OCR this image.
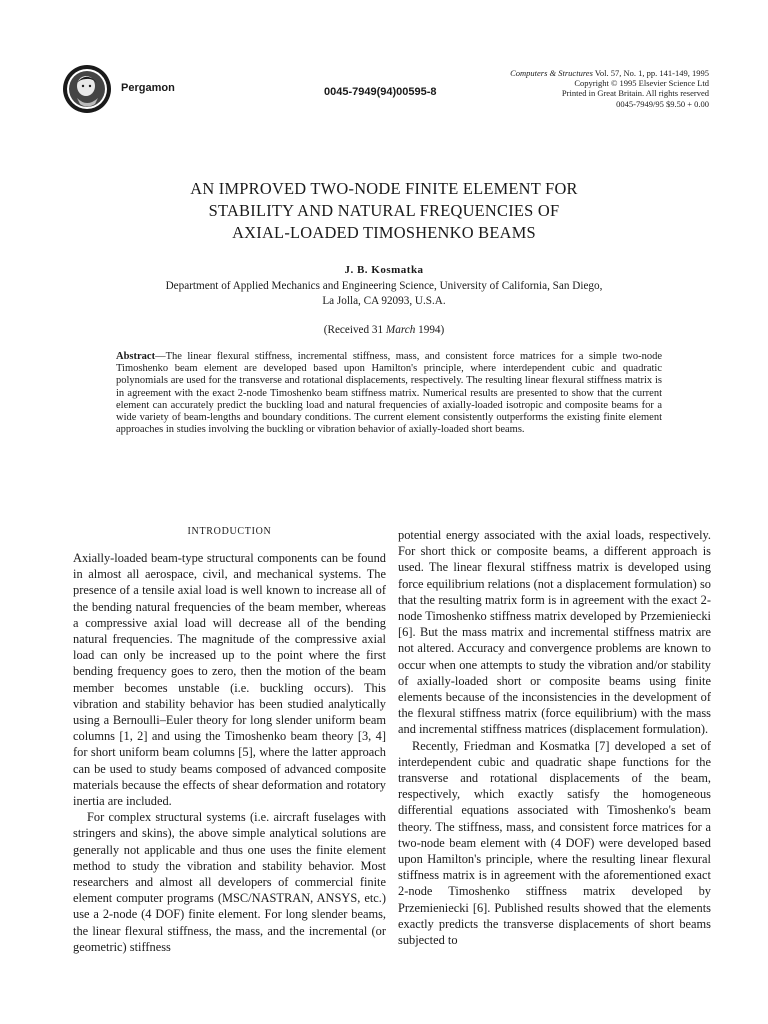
Pergamon	0045-7949(94)00595-8
Computers & Structures Vol. 57, No. 1, pp. 141-149, 1995
Copyright © 1995 Elsevier Science Ltd
Printed in Great Britain. All rights reserved
0045-7949/95 $9.50 + 0.00
AN IMPROVED TWO-NODE FINITE ELEMENT FOR
STABILITY AND NATURAL FREQUENCIES OF
AXIAL-LOADED TIMOSHENKO BEAMS
J. B. Kosmatka
Department of Applied Mechanics and Engineering Science, University of California, San Diego,
La Jolla, CA 92093, U.S.A.
(Received 31 March 1994)

Abstract—The linear flexural stiffness, incremental stiffness, mass, and consistent force matrices for a simple two-node Timoshenko beam element are developed based upon Hamilton's principle, where interdependent cubic and quadratic polynomials are used for the transverse and rotational displacements, respectively. The resulting linear flexural stiffness matrix is in agreement with the exact 2-node Timoshenko beam stiffness matrix. Numerical results are presented to show that the current element can accurately predict the buckling load and natural frequencies of axially-loaded isotropic and composite beams for a wide variety of beam-lengths and boundary conditions. The current element consistently outperforms the existing finite element approaches in studies involving the buckling or vibration behavior of axially-loaded short beams.

INTRODUCTION

Axially-loaded beam-type structural components can be found in almost all aerospace, civil, and mechanical systems. The presence of a tensile axial load is well known to increase all of the bending natural frequencies of the beam member, whereas a compressive axial load will decrease all of the bending natural frequencies. The magnitude of the compressive axial load can only be increased up to the point where the first bending frequency goes to zero, then the motion of the beam member becomes unstable (i.e. buckling occurs). This vibration and stability behavior has been studied analytically using a Bernoulli–Euler theory for long slender uniform beam columns [1, 2] and using the Timoshenko beam theory [3, 4] for short uniform beam columns [5], where the latter approach can be used to study beams composed of advanced composite materials because the effects of shear deformation and rotatory inertia are included.

For complex structural systems (i.e. aircraft fuselages with stringers and skins), the above simple analytical solutions are generally not applicable and thus one uses the finite element method to study the vibration and stability behavior. Most researchers and almost all developers of commercial finite element computer programs (MSC/NASTRAN, ANSYS, etc.) use a 2-node (4 DOF) finite element. For long slender beams, the linear flexural stiffness, the mass, and the incremental (or geometric) stiffness

potential energy associated with the axial loads, respectively. For short thick or composite beams, a different approach is used. The linear flexural stiffness matrix is developed using force equilibrium relations (not a displacement formulation) so that the resulting matrix form is in agreement with the exact 2-node Timoshenko stiffness matrix developed by Przemieniecki [6]. But the mass matrix and incremental stiffness matrix are not altered. Accuracy and convergence problems are known to occur when one attempts to study the vibration and/or stability of axially-loaded short or composite beams using finite elements because of the inconsistencies in the development of the flexural stiffness matrix (force equilibrium) with the mass and incremental stiffness matrices (displacement formulation).

Recently, Friedman and Kosmatka [7] developed a set of interdependent cubic and quadratic shape functions for the transverse and rotational displacements of the beam, respectively, which exactly satisfy the homogeneous differential equations associated with Timoshenko's beam theory. The stiffness, mass, and consistent force matrices for a two-node beam element with (4 DOF) were developed based upon Hamilton's principle, where the resulting linear flexural stiffness matrix is in agreement with the aforementioned exact 2-node Timoshenko stiffness matrix developed by Przemieniecki [6]. Published results showed that the elements exactly predicts the transverse displacements of short beams subjected to
